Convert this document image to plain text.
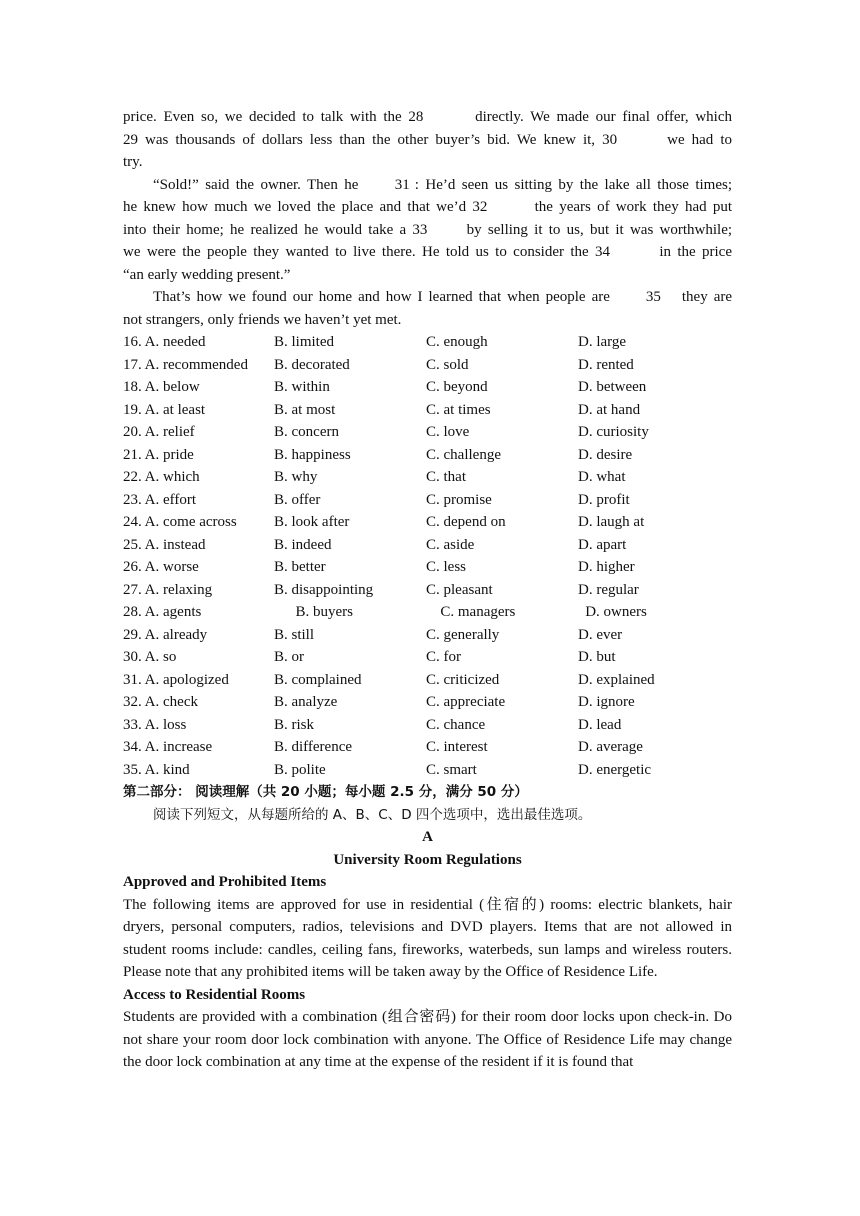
price. Even so, we decided to talk with the 28	directly. We made our final offer, which
29 was thousands of dollars less than the other buyer’s bid. We knew it, 30	we had to
try.
“Sold!” said the owner. Then he 31 : He’d seen us sitting by the lake all those times;
he knew how much we loved the place and that we’d 32	the years of work they had put
into their home; he realized he would take a 33	by selling it to us, but it was worthwhile;
we were the people they wanted to live there. He told us to consider the 34	in the price
“an early wedding present.”
That’s how we found our home and how I learned that when people are 35 they are
not strangers, only friends we haven’t yet met.
16. A. needed	B. limited	C. enough	D. large
17. A. recommended	B. decorated	C. sold	D. rented
18. A. below	B. within	C. beyond	D. between
19. A. at least	B. at most	C. at times	D. at hand
20. A. relief	B. concern	C. love	D. curiosity
21. A. pride	B. happiness	C. challenge	D. desire
22. A. which	B. why	C. that	D. what
23. A. effort	B. offer	C. promise	D. profit
24. A. come across	B. look after	C. depend on	D. laugh at
25. A. instead	B. indeed	C. aside	D. apart
26. A. worse	B. better	C. less	D. higher
27. A. relaxing	B. disappointing	C. pleasant	D. regular
28. A. agents	B. buyers	C. managers	D. owners
29. A. already	B. still	C. generally	D. ever
30. A. so	B. or	C. for	D. but
31. A. apologized	B. complained	C. criticized	D. explained
32. A. check	B. analyze	C. appreciate	D. ignore
33. A. loss	B. risk	C. chance	D. lead
34. A. increase	B. difference	C. interest	D. average
35. A. kind	B. polite	C. smart	D. energetic
第二部分： 阅读理解（共 20 小题；每小题 2.5 分，满分 50 分）
阅读下列短文，从每题所给的 A、B、C、D 四个选项中，选出最佳选项。
A
University Room Regulations
Approved and Prohibited Items
The following items are approved for use in residential (住宿的) rooms: electric blankets, hair dryers, personal computers, radios, televisions and DVD players. Items that are not allowed in student rooms include: candles, ceiling fans, fireworks, waterbeds, sun lamps and wireless routers. Please note that any prohibited items will be taken away by the Office of Residence Life.
Access to Residential Rooms
Students are provided with a combination (组合密码) for their room door locks upon check-in. Do not share your room door lock combination with anyone. The Office of Residence Life may change the door lock combination at any time at the expense of the resident if it is found that
